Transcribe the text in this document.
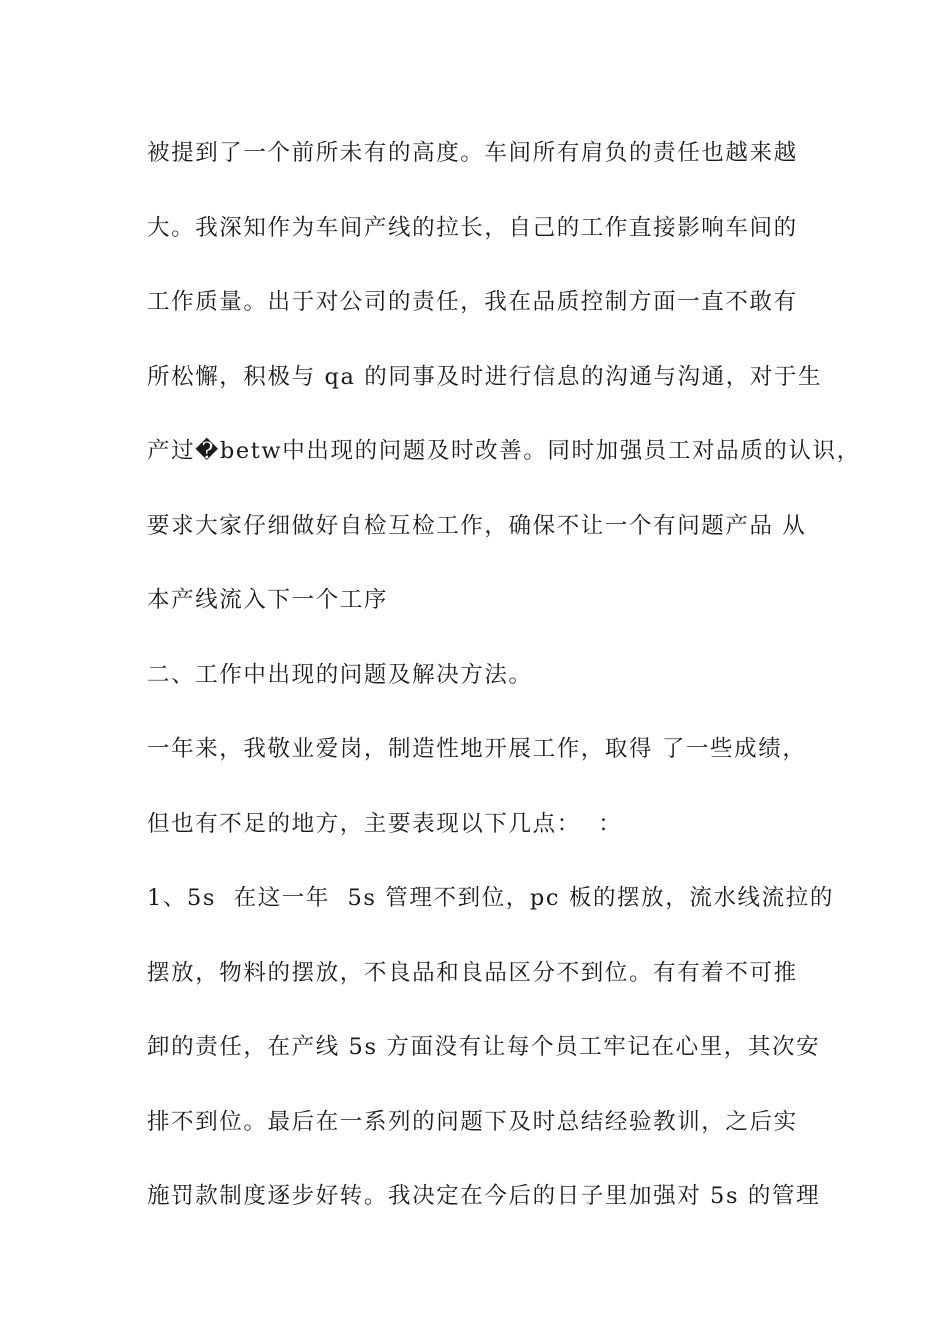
被提到了一个前所未有的高度。车间所有肩负的责任也越来越
大。我深知作为车间产线的拉长，自己的工作直接影响车间的
工作质量。出于对公司的责任，我在品质控制方面一直不敢有
所松懈，积极与 qa 的同事及时进行信息的沟通与沟通，对于生
产过�betw中出现的问题及时改善。同时加强员工对品质的认识，
要求大家仔细做好自检互检工作，确保不让一个有问题产品 从
本产线流入下一个工序
二、工作中出现的问题及解决方法。
一年来，我敬业爱岗，制造性地开展工作，取得 了一些成绩，
但也有不足的地方，主要表现以下几点：  ：
1、5s  在这一年  5s 管理不到位，pc 板的摆放，流水线流拉的
摆放，物料的摆放，不良品和良品区分不到位。有有着不可推
卸的责任，在产线 5s 方面没有让每个员工牢记在心里，其次安
排不到位。最后在一系列的问题下及时总结经验教训，之后实
施罚款制度逐步好转。我决定在今后的日子里加强对 5s 的管理
